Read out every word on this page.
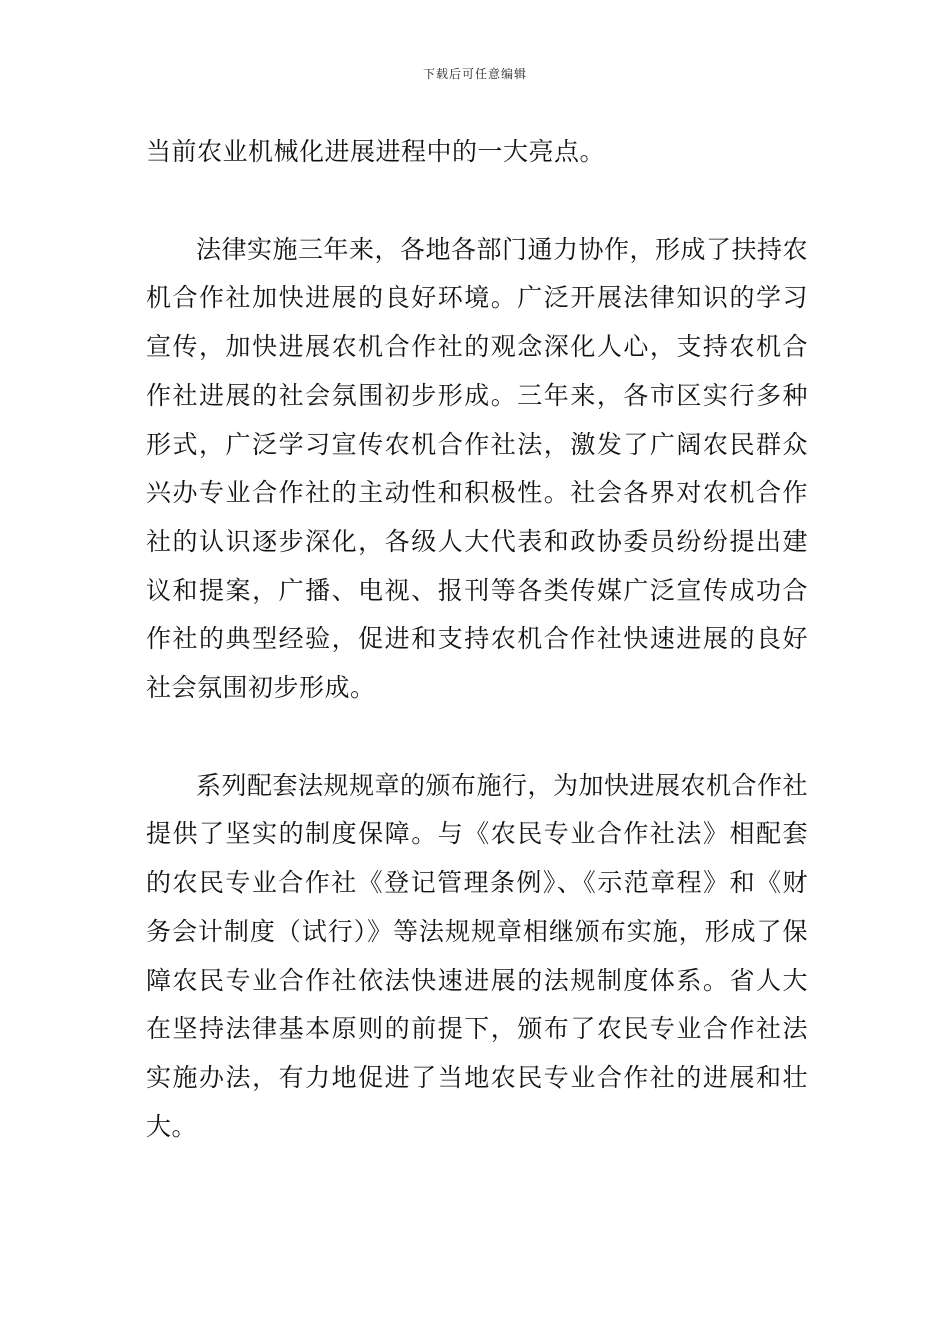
下载后可任意编辑

当前农业机械化进展进程中的一大亮点。

法律实施三年来，各地各部门通力协作，形成了扶持农机合作社加快进展的良好环境。广泛开展法律知识的学习宣传，加快进展农机合作社的观念深化人心，支持农机合作社进展的社会氛围初步形成。三年来，各市区实行多种形式，广泛学习宣传农机合作社法，激发了广阔农民群众兴办专业合作社的主动性和积极性。社会各界对农机合作社的认识逐步深化，各级人大代表和政协委员纷纷提出建议和提案，广播、电视、报刊等各类传媒广泛宣传成功合作社的典型经验，促进和支持农机合作社快速进展的良好社会氛围初步形成。

系列配套法规规章的颁布施行，为加快进展农机合作社提供了坚实的制度保障。与《农民专业合作社法》相配套的农民专业合作社《登记管理条例》、《示范章程》和《财务会计制度（试行）》等法规规章相继颁布实施，形成了保障农民专业合作社依法快速进展的法规制度体系。省人大在坚持法律基本原则的前提下，颁布了农民专业合作社法实施办法，有力地促进了当地农民专业合作社的进展和壮大。
